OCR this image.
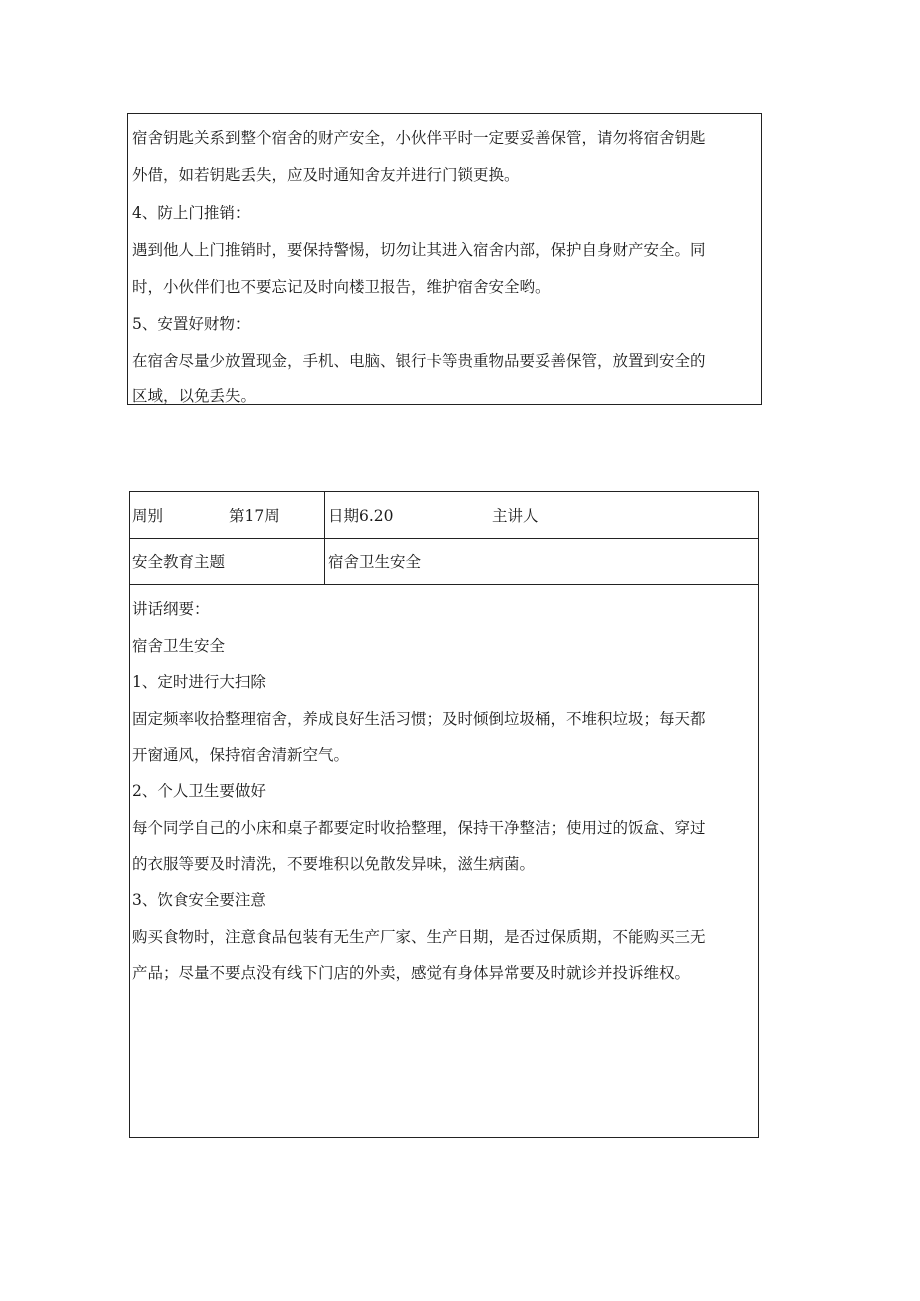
宿舍钥匙关系到整个宿舍的财产安全，小伙伴平时一定要妥善保管，请勿将宿舍钥匙
外借，如若钥匙丢失，应及时通知舍友并进行门锁更换。
4、防上门推销：
遇到他人上门推销时，要保持警惕，切勿让其进入宿舍内部，保护自身财产安全。同
时，小伙伴们也不要忘记及时向楼卫报告，维护宿舍安全哟。
5、安置好财物：
在宿舍尽量少放置现金，手机、电脑、银行卡等贵重物品要妥善保管，放置到安全的
区域，以免丢失。
周别	第17周	日期6.20	主讲人
安全教育主题	宿舍卫生安全
讲话纲要：
宿舍卫生安全
1、定时进行大扫除
固定频率收拾整理宿舍，养成良好生活习惯；及时倾倒垃圾桶，不堆积垃圾；每天都
开窗通风，保持宿舍清新空气。
2、个人卫生要做好
每个同学自己的小床和桌子都要定时收拾整理，保持干净整洁；使用过的饭盒、穿过
的衣服等要及时清洗，不要堆积以免散发异味，滋生病菌。
3、饮食安全要注意
购买食物时，注意食品包装有无生产厂家、生产日期，是否过保质期，不能购买三无
产品；尽量不要点没有线下门店的外卖，感觉有身体异常要及时就诊并投诉维权。
